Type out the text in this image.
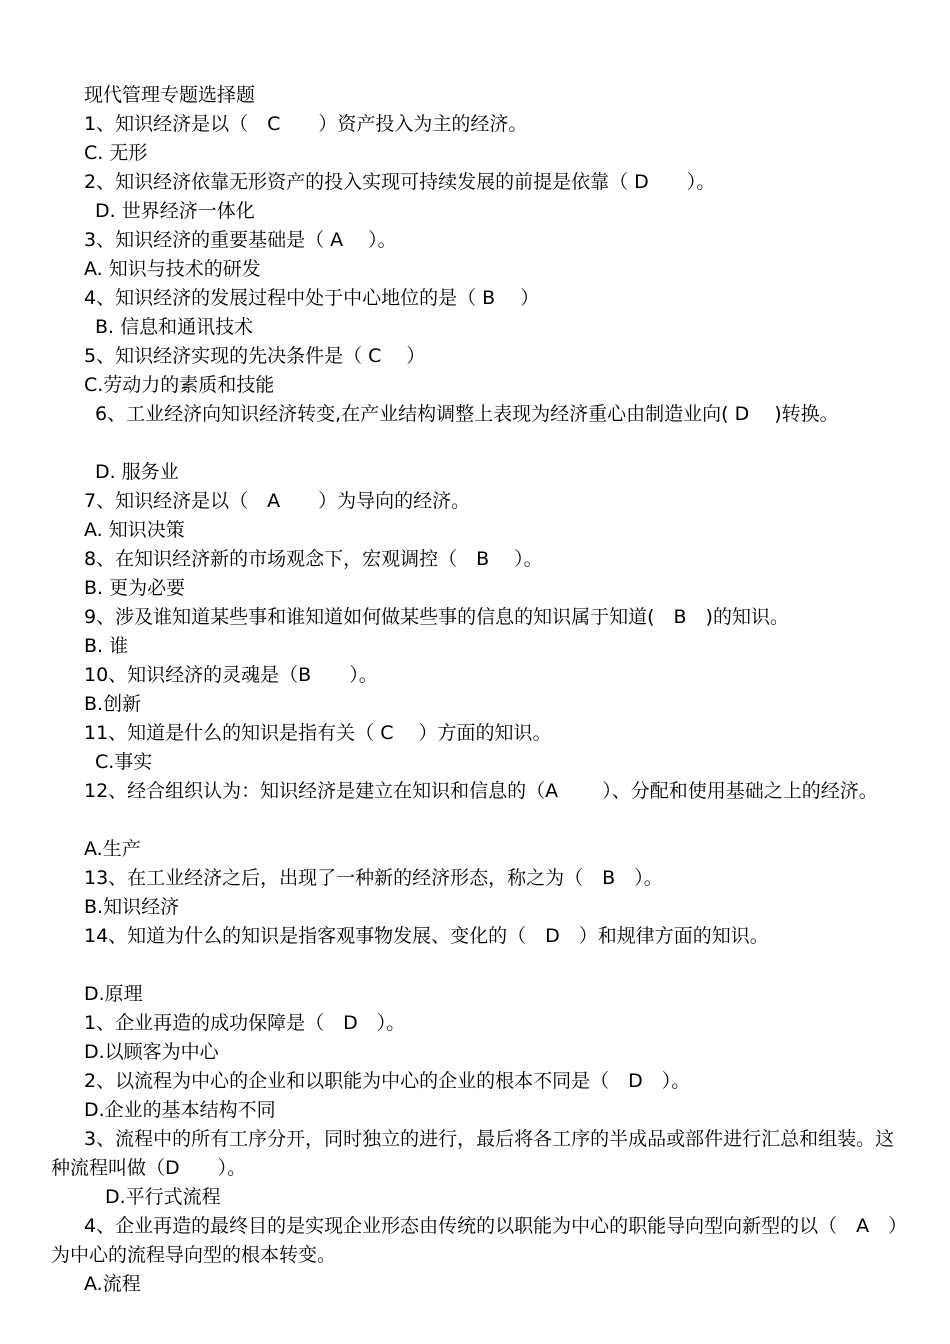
现代管理专题选择题
1、知识经济是以（　C　　）资产投入为主的经济。
C. 无形
2、知识经济依靠无形资产的投入实现可持续发展的前提是依靠（ D　　）。
D. 世界经济一体化
3、知识经济的重要基础是（ A　 ）。
A. 知识与技术的研发
4、知识经济的发展过程中处于中心地位的是（ B　 ）
B. 信息和通讯技术
5、知识经济实现的先决条件是（ C　 ）
C.劳动力的素质和技能
6、工业经济向知识经济转变,在产业结构调整上表现为经济重心由制造业向( D　 )转换。
D. 服务业
7、知识经济是以（　A　　）为导向的经济。
A. 知识决策
8、在知识经济新的市场观念下，宏观调控（　B　 ）。
B. 更为必要
9、涉及谁知道某些事和谁知道如何做某些事的信息的知识属于知道(　B　)的知识。
B. 谁
10、知识经济的灵魂是（B　　）。
B.创新
11、知道是什么的知识是指有关（ C　 ）方面的知识。
C.事实
12、经合组织认为：知识经济是建立在知识和信息的（A　　 ）、分配和使用基础之上的经济。
A.生产
13、在工业经济之后，出现了一种新的经济形态，称之为（　B　）。
B.知识经济
14、知道为什么的知识是指客观事物发展、变化的（　D　）和规律方面的知识。
D.原理
1、企业再造的成功保障是（　D　）。
D.以顾客为中心
2、以流程为中心的企业和以职能为中心的企业的根本不同是（　D　）。
D.企业的基本结构不同
3、流程中的所有工序分开，同时独立的进行，最后将各工序的半成品或部件进行汇总和组装。这种流程叫做（D　　）。
D.平行式流程
4、企业再造的最终目的是实现企业形态由传统的以职能为中心的职能导向型向新型的以（　A　）为中心的流程导向型的根本转变。
A.流程
